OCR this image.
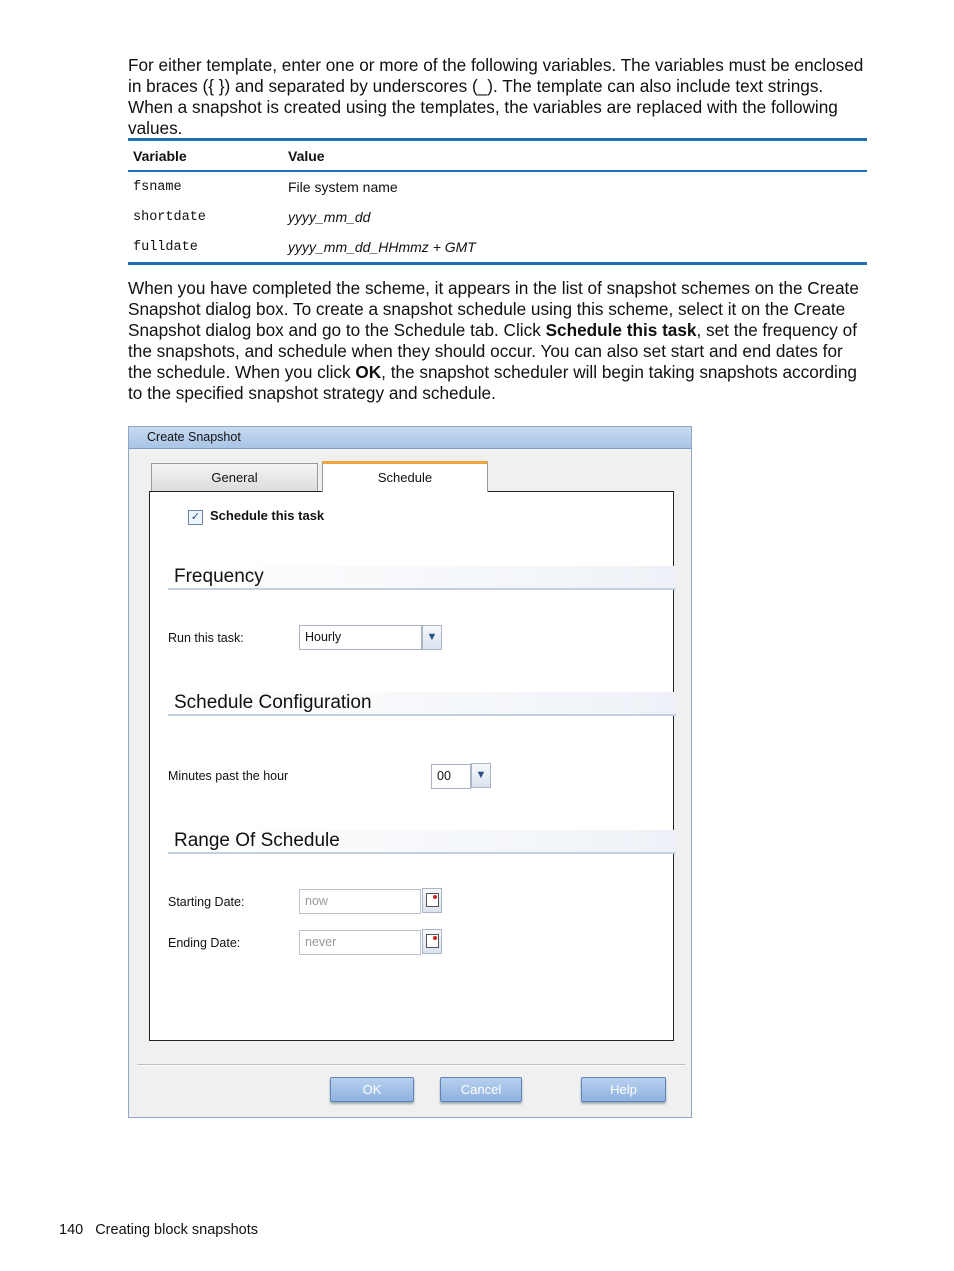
For either template, enter one or more of the following variables. The variables must be enclosed in braces ({ }) and separated by underscores (_). The template can also include text strings. When a snapshot is created using the templates, the variables are replaced with the following values.

Variable	Value
fsname	File system name
shortdate	yyyy_mm_dd
fulldate	yyyy_mm_dd_HHmmz + GMT

When you have completed the scheme, it appears in the list of snapshot schemes on the Create Snapshot dialog box. To create a snapshot schedule using this scheme, select it on the Create Snapshot dialog box and go to the Schedule tab. Click Schedule this task, set the frequency of the snapshots, and schedule when they should occur. You can also set start and end dates for the schedule. When you click OK, the snapshot scheduler will begin taking snapshots according to the specified snapshot strategy and schedule.

Create Snapshot
General	Schedule
✓ Schedule this task
Frequency
Run this task:	Hourly	▼
Schedule Configuration
Minutes past the hour	00	▼
Range Of Schedule
Starting Date:	now
Ending Date:	never
OK	Cancel	Help
140 Creating block snapshots
